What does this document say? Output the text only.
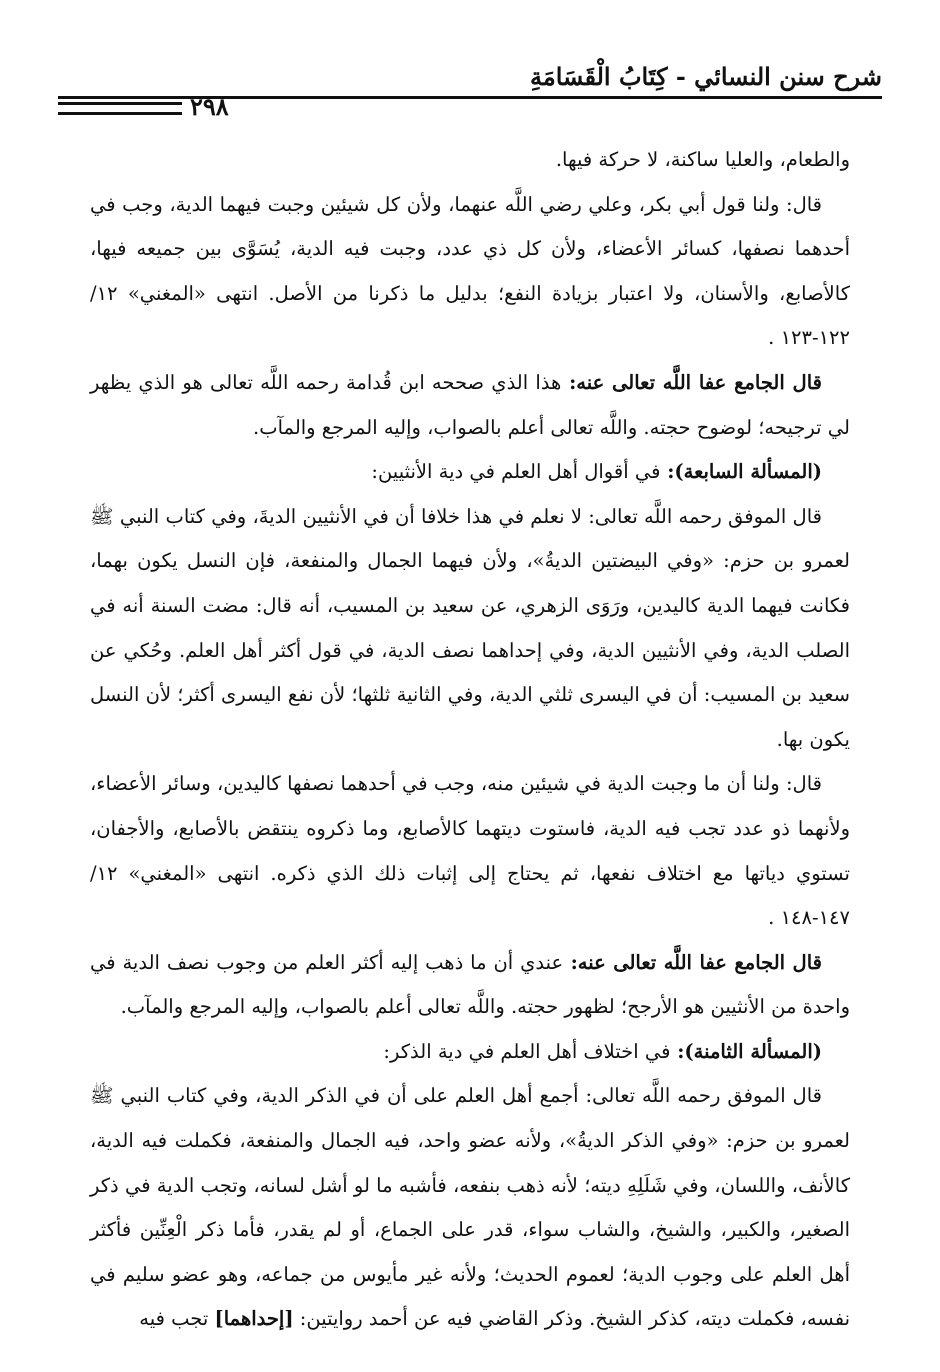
شرح سنن النسائي - كِتَابُ الْقَسَامَةِ
٢٩٨

والطعام، والعليا ساكنة، لا حركة فيها.

قال: ولنا قول أبي بكر، وعلي رضي اللَّه عنهما، ولأن كل شيئين وجبت فيهما الدية، وجب في أحدهما نصفها، كسائر الأعضاء، ولأن كل ذي عدد، وجبت فيه الدية، يُسَوَّى بين جميعه فيها، كالأصابع، والأسنان، ولا اعتبار بزيادة النفع؛ بدليل ما ذكرنا من الأصل. انتهى «المغني» ١٢/ ١٢٢-١٢٣ .

قال الجامع عفا اللَّه تعالى عنه: هذا الذي صححه ابن قُدامة رحمه اللَّه تعالى هو الذي يظهر لي ترجيحه؛ لوضوح حجته. واللَّه تعالى أعلم بالصواب، وإليه المرجع والمآب.

(المسألة السابعة): في أقوال أهل العلم في دية الأنثيين:

قال الموفق رحمه اللَّه تعالى: لا نعلم في هذا خلافا أن في الأنثيين الديةَ، وفي كتاب النبي ﷺ لعمرو بن حزم: «وفي البيضتين الديةُ»، ولأن فيهما الجمال والمنفعة، فإن النسل يكون بهما، فكانت فيهما الدية كاليدين، ورَوَى الزهري، عن سعيد بن المسيب، أنه قال: مضت السنة أنه في الصلب الدية، وفي الأنثيين الدية، وفي إحداهما نصف الدية، في قول أكثر أهل العلم. وحُكي عن سعيد بن المسيب: أن في اليسرى ثلثي الدية، وفي الثانية ثلثها؛ لأن نفع اليسرى أكثر؛ لأن النسل يكون بها.

قال: ولنا أن ما وجبت الدية في شيئين منه، وجب في أحدهما نصفها كاليدين، وسائر الأعضاء، ولأنهما ذو عدد تجب فيه الدية، فاستوت ديتهما كالأصابع، وما ذكروه ينتقض بالأصابع، والأجفان، تستوي دياتها مع اختلاف نفعها، ثم يحتاج إلى إثبات ذلك الذي ذكره. انتهى «المغني» ١٢/ ١٤٧-١٤٨ .

قال الجامع عفا اللَّه تعالى عنه: عندي أن ما ذهب إليه أكثر العلم من وجوب نصف الدية في واحدة من الأنثيين هو الأرجح؛ لظهور حجته. واللَّه تعالى أعلم بالصواب، وإليه المرجع والمآب.

(المسألة الثامنة): في اختلاف أهل العلم في دية الذكر:

قال الموفق رحمه اللَّه تعالى: أجمع أهل العلم على أن في الذكر الدية، وفي كتاب النبي ﷺ لعمرو بن حزم: «وفي الذكر الديةُ»، ولأنه عضو واحد، فيه الجمال والمنفعة، فكملت فيه الدية، كالأنف، واللسان، وفي شَلَلِهِ ديته؛ لأنه ذهب بنفعه، فأشبه ما لو أشل لسانه، وتجب الدية في ذكر الصغير، والكبير، والشيخ، والشاب سواء، قدر على الجماع، أو لم يقدر، فأما ذكر الْعِنِّين فأكثر أهل العلم على وجوب الدية؛ لعموم الحديث؛ ولأنه غير مأيوس من جماعه، وهو عضو سليم في نفسه، فكملت ديته، كذكر الشيخ. وذكر القاضي فيه عن أحمد روايتين: [إحداهما] تجب فيه
